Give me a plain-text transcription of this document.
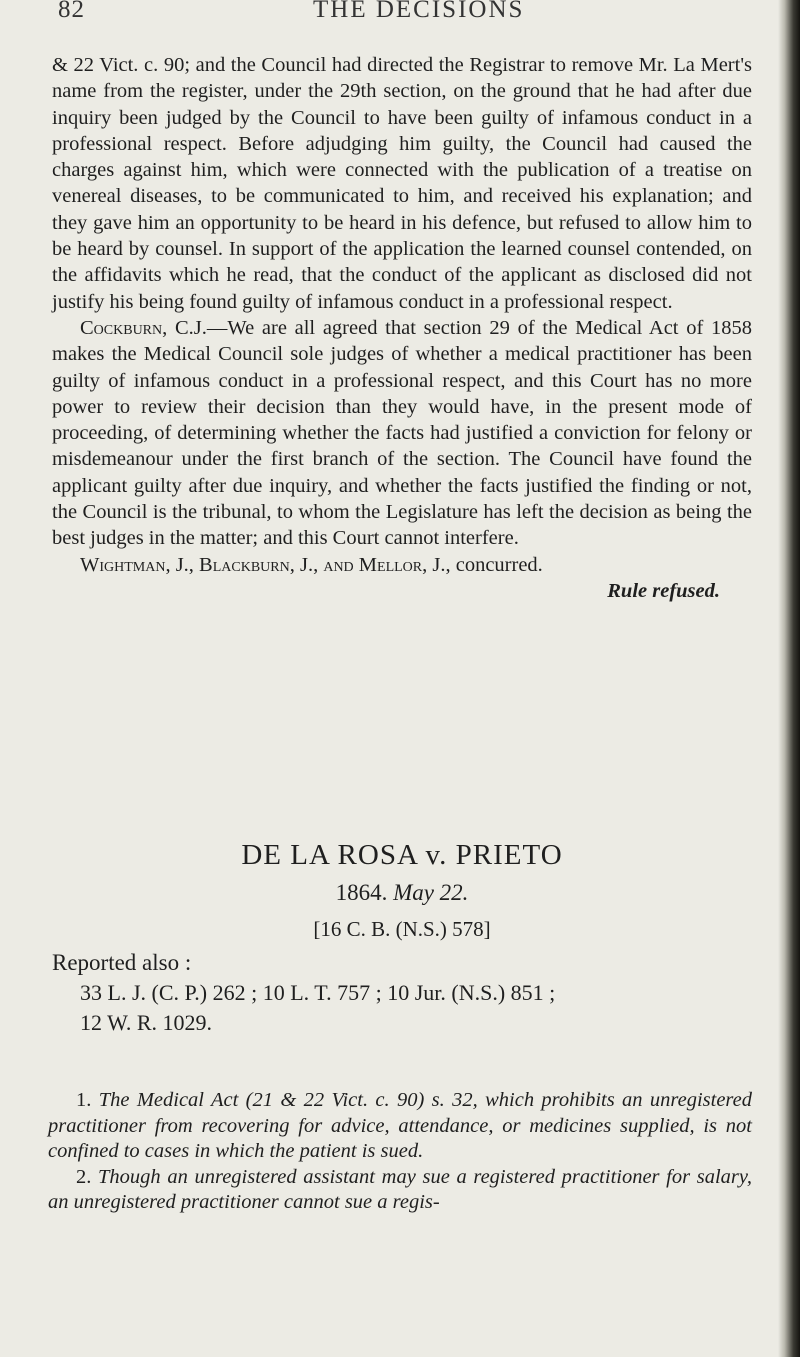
82	THE DECISIONS

& 22 Vict. c. 90; and the Council had directed the Registrar to remove Mr. La Mert's name from the register, under the 29th section, on the ground that he had after due inquiry been judged by the Council to have been guilty of infamous conduct in a professional respect. Before adjudging him guilty, the Council had caused the charges against him, which were connected with the publication of a treatise on venereal diseases, to be communicated to him, and received his explanation; and they gave him an opportunity to be heard in his defence, but refused to allow him to be heard by counsel. In support of the application the learned counsel contended, on the affidavits which he read, that the conduct of the applicant as disclosed did not justify his being found guilty of infamous conduct in a professional respect.

Cockburn, C.J.—We are all agreed that section 29 of the Medical Act of 1858 makes the Medical Council sole judges of whether a medical practitioner has been guilty of infamous conduct in a professional respect, and this Court has no more power to review their decision than they would have, in the present mode of proceeding, of determining whether the facts had justified a conviction for felony or misdemeanour under the first branch of the section. The Council have found the applicant guilty after due inquiry, and whether the facts justified the finding or not, the Council is the tribunal, to whom the Legislature has left the decision as being the best judges in the matter; and this Court cannot interfere.

Wightman, J., Blackburn, J., and Mellor, J., concurred.

Rule refused.

DE LA ROSA v. PRIETO

1864. May 22.

[16 C. B. (N.S.) 578]

Reported also :

33 L. J. (C. P.) 262 ; 10 L. T. 757 ; 10 Jur. (N.S.) 851 ;

12 W. R. 1029.

1. The Medical Act (21 & 22 Vict. c. 90) s. 32, which prohibits an unregistered practitioner from recovering for advice, attendance, or medicines supplied, is not confined to cases in which the patient is sued.

2. Though an unregistered assistant may sue a registered practitioner for salary, an unregistered practitioner cannot sue a regis-
